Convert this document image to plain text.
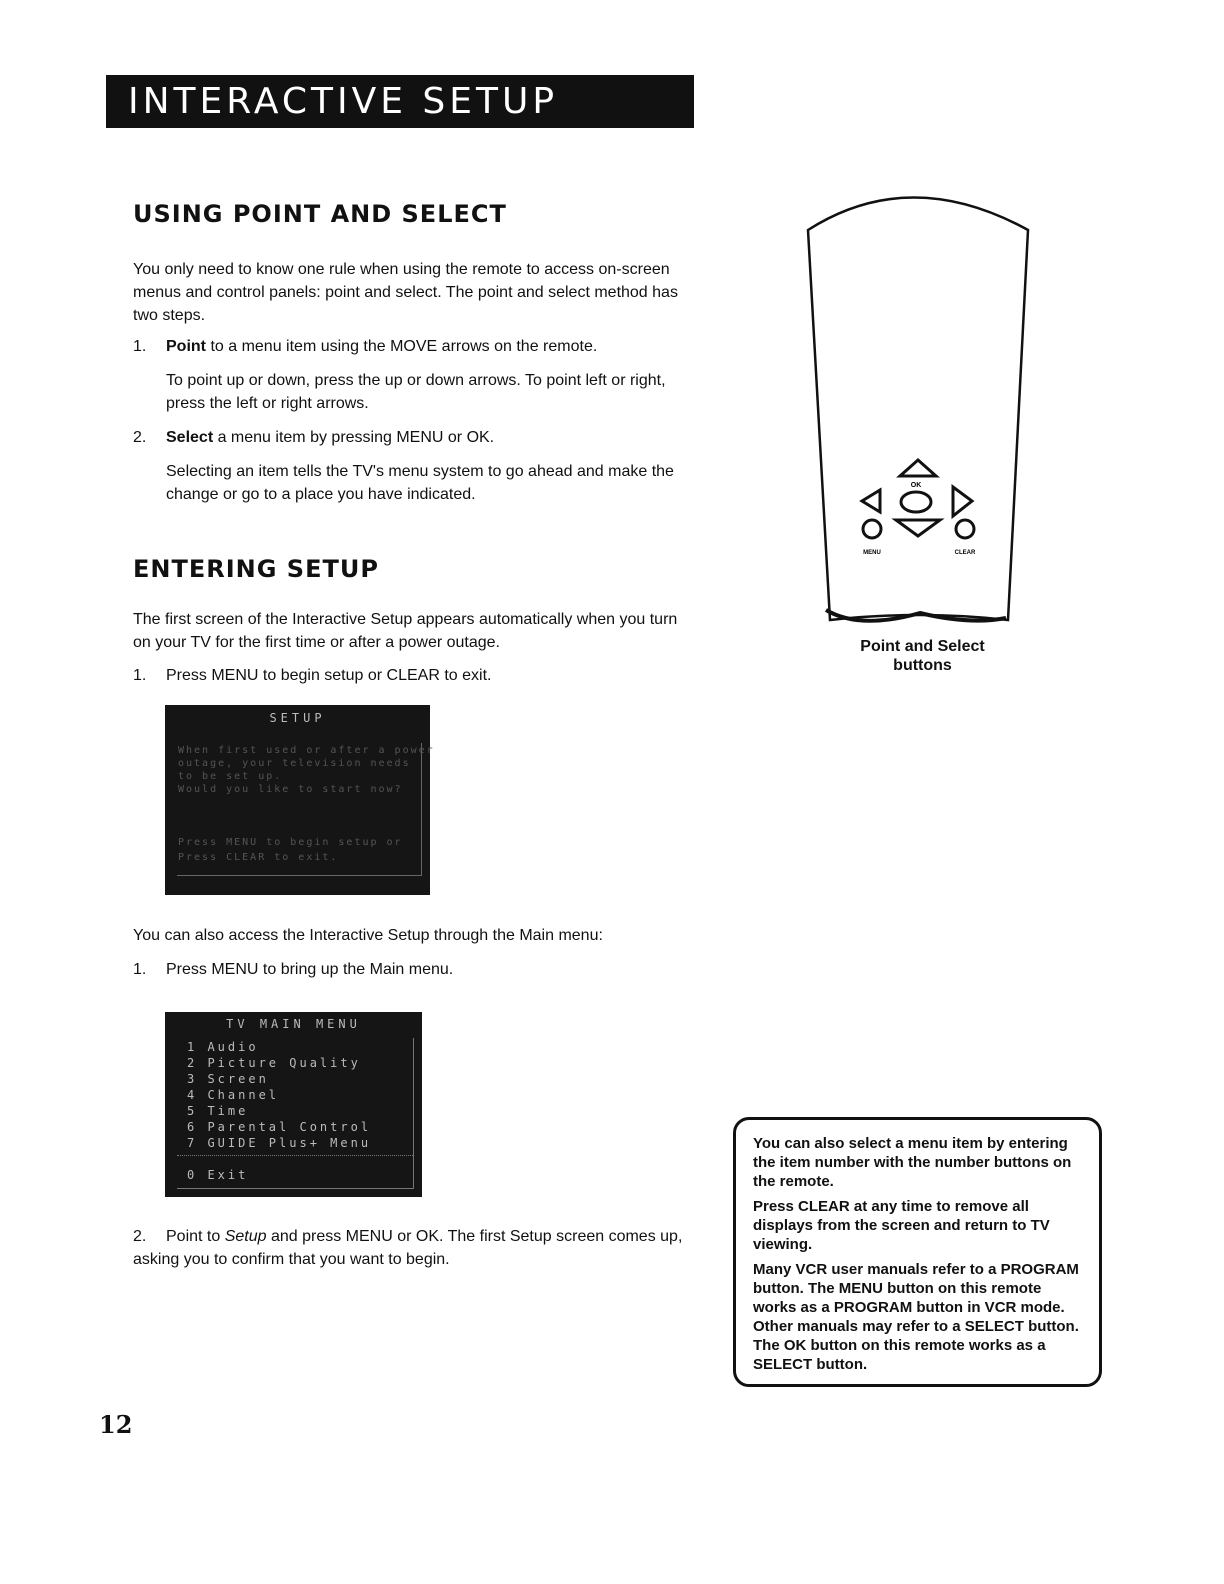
INTERACTIVE SETUP
USING POINT AND SELECT

You only need to know one rule when using the remote to access on-screen menus and control panels: point and select. The point and select method has two steps.

1. Point to a menu item using the MOVE arrows on the remote.

To point up or down, press the up or down arrows. To point left or right, press the left or right arrows.

2. Select a menu item by pressing MENU or OK.

Selecting an item tells the TV's menu system to go ahead and make the change or go to a place you have indicated.

ENTERING SETUP

The first screen of the Interactive Setup appears automatically when you turn on your TV for the first time or after a power outage.

1. Press MENU to begin setup or CLEAR to exit.
SETUP
When first used or after a power
outage, your television needs
to be set up.
Would you like to start now?
Press MENU to begin setup or
Press CLEAR to exit.

You can also access the Interactive Setup through the Main menu:

1. Press MENU to bring up the Main menu.
TV MAIN MENU
1 Audio
2 Picture Quality
3 Screen
4 Channel
5 Time
6 Parental Control
7 GUIDE Plus+ Menu
0 Exit
2. Point to Setup and press MENU or OK. The first Setup screen comes up, asking you to confirm that you want to begin.
OK
MENU	CLEAR
Point and Select
buttons

You can also select a menu item by entering the item number with the number buttons on the remote.

Press CLEAR at any time to remove all displays from the screen and return to TV viewing.

Many VCR user manuals refer to a PROGRAM button. The MENU button on this remote works as a PROGRAM button in VCR mode. Other manuals may refer to a SELECT button. The OK button on this remote works as a SELECT button.

12
